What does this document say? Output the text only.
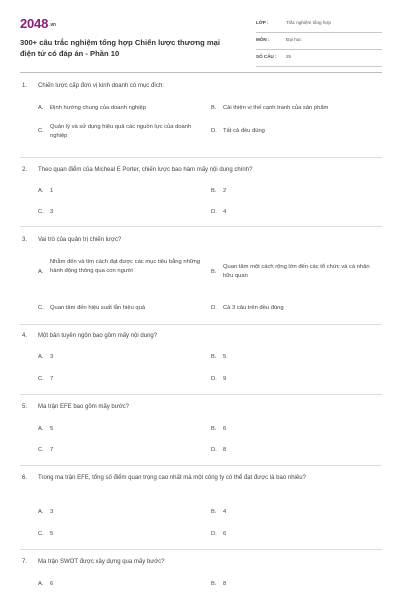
2048.vn
300+ câu trắc nghiệm tổng hợp Chiến lược thương mại điện tử có đáp án - Phần 10
LỚP :	Trắc nghiệm tổng hợp
MÔN :	Đại học
SỐ CÂU : 25
1. Chiến lược cấp đơn vị kinh doanh có mục đích:
A. Định hướng chung của doanh nghiệp	B. Cải thiện vị thế cạnh tranh của sản phẩm
C.
Quản lý và sử dụng hiệu quả các nguồn lực của doanh nghiệp
D. Tất cả đều đúng
2. Theo quan điểm của Micheal E Porter, chiến lược bao hàm mấy nội dung chính?
A. 1	B. 2
C. 3	D. 4
3. Vai trò của quản trị chiến lược?
A.
Nhằm đến và tìm cách đạt được các mục tiêu bằng những hành động thông qua con người	B.
Quan tâm một cách rộng lớn đến các tổ chức và cá nhân hữu quan
C. Quan tâm đến hiệu suất lẫn hiệu quả	D. Cả 3 câu trên đều đúng
4. Một bản tuyên ngôn bao gồm mấy nội dung?
A. 3	B. 5
C. 7	D. 9
5. Ma trận EFE bao gồm mấy bước?
A. 5	B. 6
C. 7	D. 8
6. Trong ma trận EFE, tổng số điểm quan trọng cao nhất mà một công ty có thể đạt được là bao nhiêu?
A. 3	B. 4
C. 5	D. 6
7. Ma trận SWOT được xây dựng qua mấy bước?
A. 6	B. 8
